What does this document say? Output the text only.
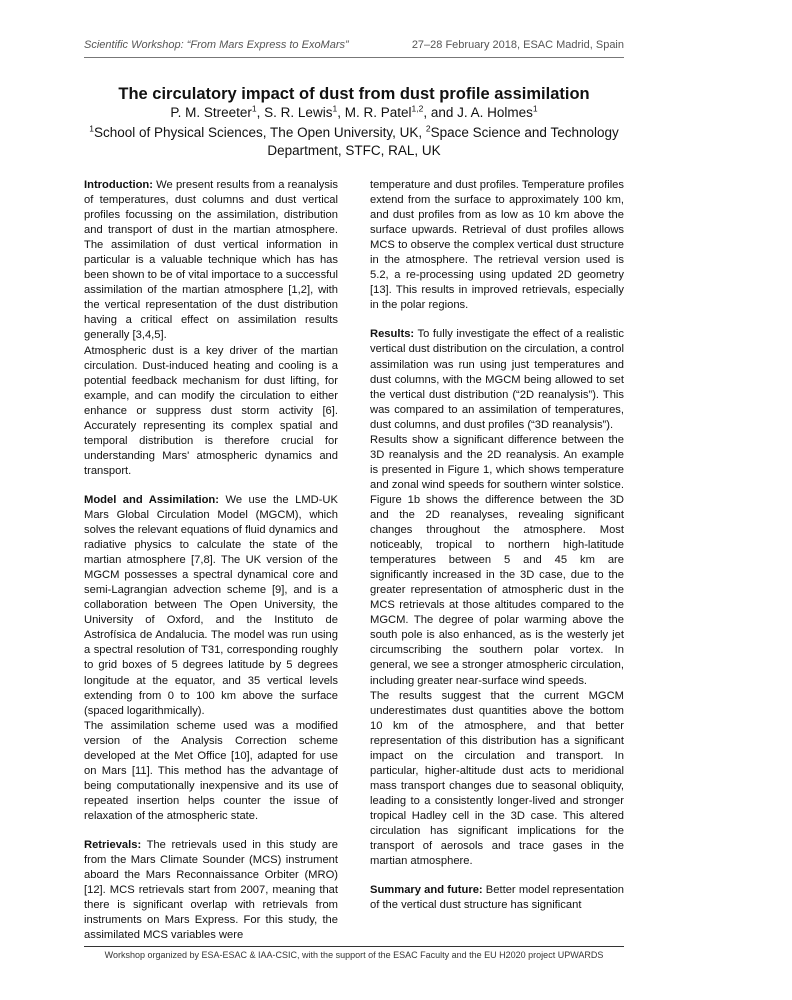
Scientific Workshop: “From Mars Express to ExoMars”	27–28 February 2018, ESAC Madrid, Spain
The circulatory impact of dust from dust profile assimilation
P. M. Streeter$^1$, S. R. Lewis$^1$, M. R. Patel$^{1,2}$, and J. A. Holmes$^1$
$^1$School of Physical Sciences, The Open University, UK, $^2$Space Science and Technology Department, STFC, RAL, UK

Introduction: We present results from a reanalysis of temperatures, dust columns and dust vertical profiles focussing on the assimilation, distribution and transport of dust in the martian atmosphere. The assimilation of dust vertical information in particular is a valuable technique which has has been shown to be of vital importace to a successful assimilation of the martian atmosphere [1,2], with the vertical representation of the dust distribution having a critical effect on assimilation results generally [3,4,5].

Atmospheric dust is a key driver of the martian circulation. Dust-induced heating and cooling is a potential feedback mechanism for dust lifting, for example, and can modify the circulation to either enhance or suppress dust storm activity [6]. Accurately representing its complex spatial and temporal distribution is therefore crucial for understanding Mars' atmospheric dynamics and transport.

Model and Assimilation: We use the LMD-UK Mars Global Circulation Model (MGCM), which solves the relevant equations of fluid dynamics and radiative physics to calculate the state of the martian atmosphere [7,8]. The UK version of the MGCM possesses a spectral dynamical core and semi-Lagrangian advection scheme [9], and is a collaboration between The Open University, the University of Oxford, and the Instituto de Astrofísica de Andalucia. The model was run using a spectral resolution of T31, corresponding roughly to grid boxes of 5 degrees latitude by 5 degrees longitude at the equator, and 35 vertical levels extending from 0 to 100 km above the surface (spaced logarithmically).

The assimilation scheme used was a modified version of the Analysis Correction scheme developed at the Met Office [10], adapted for use on Mars [11]. This method has the advantage of being computationally inexpensive and its use of repeated insertion helps counter the issue of relaxation of the atmospheric state.

Retrievals: The retrievals used in this study are from the Mars Climate Sounder (MCS) instrument aboard the Mars Reconnaissance Orbiter (MRO) [12]. MCS retrievals start from 2007, meaning that there is significant overlap with retrievals from instruments on Mars Express. For this study, the assimilated MCS variables were

temperature and dust profiles. Temperature profiles extend from the surface to approximately 100 km, and dust profiles from as low as 10 km above the surface upwards. Retrieval of dust profiles allows MCS to observe the complex vertical dust structure in the atmosphere. The retrieval version used is 5.2, a re-processing using updated 2D geometry [13]. This results in improved retrievals, especially in the polar regions.

Results: To fully investigate the effect of a realistic vertical dust distribution on the circulation, a control assimilation was run using just temperatures and dust columns, with the MGCM being allowed to set the vertical dust distribution (“2D reanalysis”). This was compared to an assimilation of temperatures, dust columns, and dust profiles (“3D reanalysis”).

Results show a significant difference between the 3D reanalysis and the 2D reanalysis. An example is presented in Figure 1, which shows temperature and zonal wind speeds for southern winter solstice. Figure 1b shows the difference between the 3D and the 2D reanalyses, revealing significant changes throughout the atmosphere. Most noticeably, tropical to northern high-latitude temperatures between 5 and 45 km are significantly increased in the 3D case, due to the greater representation of atmospheric dust in the MCS retrievals at those altitudes compared to the MGCM. The degree of polar warming above the south pole is also enhanced, as is the westerly jet circumscribing the southern polar vortex. In general, we see a stronger atmospheric circulation, including greater near-surface wind speeds.

The results suggest that the current MGCM underestimates dust quantities above the bottom 10 km of the atmosphere, and that better representation of this distribution has a significant impact on the circulation and transport. In particular, higher-altitude dust acts to meridional mass transport changes due to seasonal obliquity, leading to a consistently longer-lived and stronger tropical Hadley cell in the 3D case. This altered circulation has significant implications for the transport of aerosols and trace gases in the martian atmosphere.

Summary and future: Better model representation of the vertical dust structure has significant

Workshop organized by ESA-ESAC & IAA-CSIC, with the support of the ESAC Faculty and the EU H2020 project UPWARDS
